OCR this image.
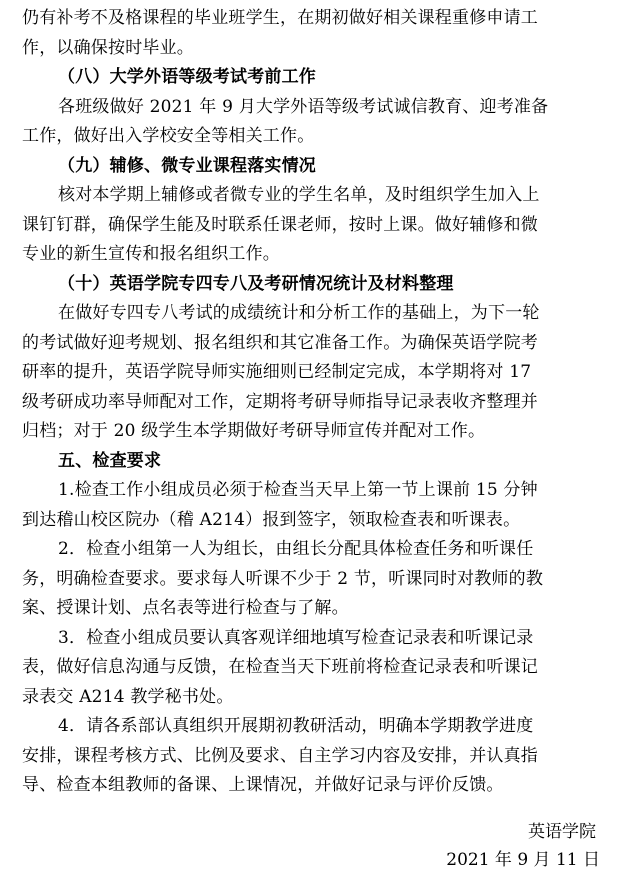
仍有补考不及格课程的毕业班学生，在期初做好相关课程重修申请工
作，以确保按时毕业。
（八）大学外语等级考试考前工作
各班级做好 2021 年 9 月大学外语等级考试诚信教育、迎考准备
工作，做好出入学校安全等相关工作。
（九）辅修、微专业课程落实情况
核对本学期上辅修或者微专业的学生名单，及时组织学生加入上
课钉钉群，确保学生能及时联系任课老师，按时上课。做好辅修和微
专业的新生宣传和报名组织工作。
（十）英语学院专四专八及考研情况统计及材料整理
在做好专四专八考试的成绩统计和分析工作的基础上，为下一轮
的考试做好迎考规划、报名组织和其它准备工作。为确保英语学院考
研率的提升，英语学院导师实施细则已经制定完成，本学期将对 17
级考研成功率导师配对工作，定期将考研导师指导记录表收齐整理并
归档；对于 20 级学生本学期做好考研导师宣传并配对工作。
五、检查要求
1.检查工作小组成员必须于检查当天早上第一节上课前 15 分钟
到达稽山校区院办（稽 A214）报到签字，领取检查表和听课表。
2．检查小组第一人为组长，由组长分配具体检查任务和听课任
务，明确检查要求。要求每人听课不少于 2 节，听课同时对教师的教
案、授课计划、点名表等进行检查与了解。
3．检查小组成员要认真客观详细地填写检查记录表和听课记录
表，做好信息沟通与反馈，在检查当天下班前将检查记录表和听课记
录表交 A214 教学秘书处。
4．请各系部认真组织开展期初教研活动，明确本学期教学进度
安排，课程考核方式、比例及要求、自主学习内容及安排，并认真指
导、检查本组教师的备课、上课情况，并做好记录与评价反馈。
英语学院
2021 年 9 月 11 日
